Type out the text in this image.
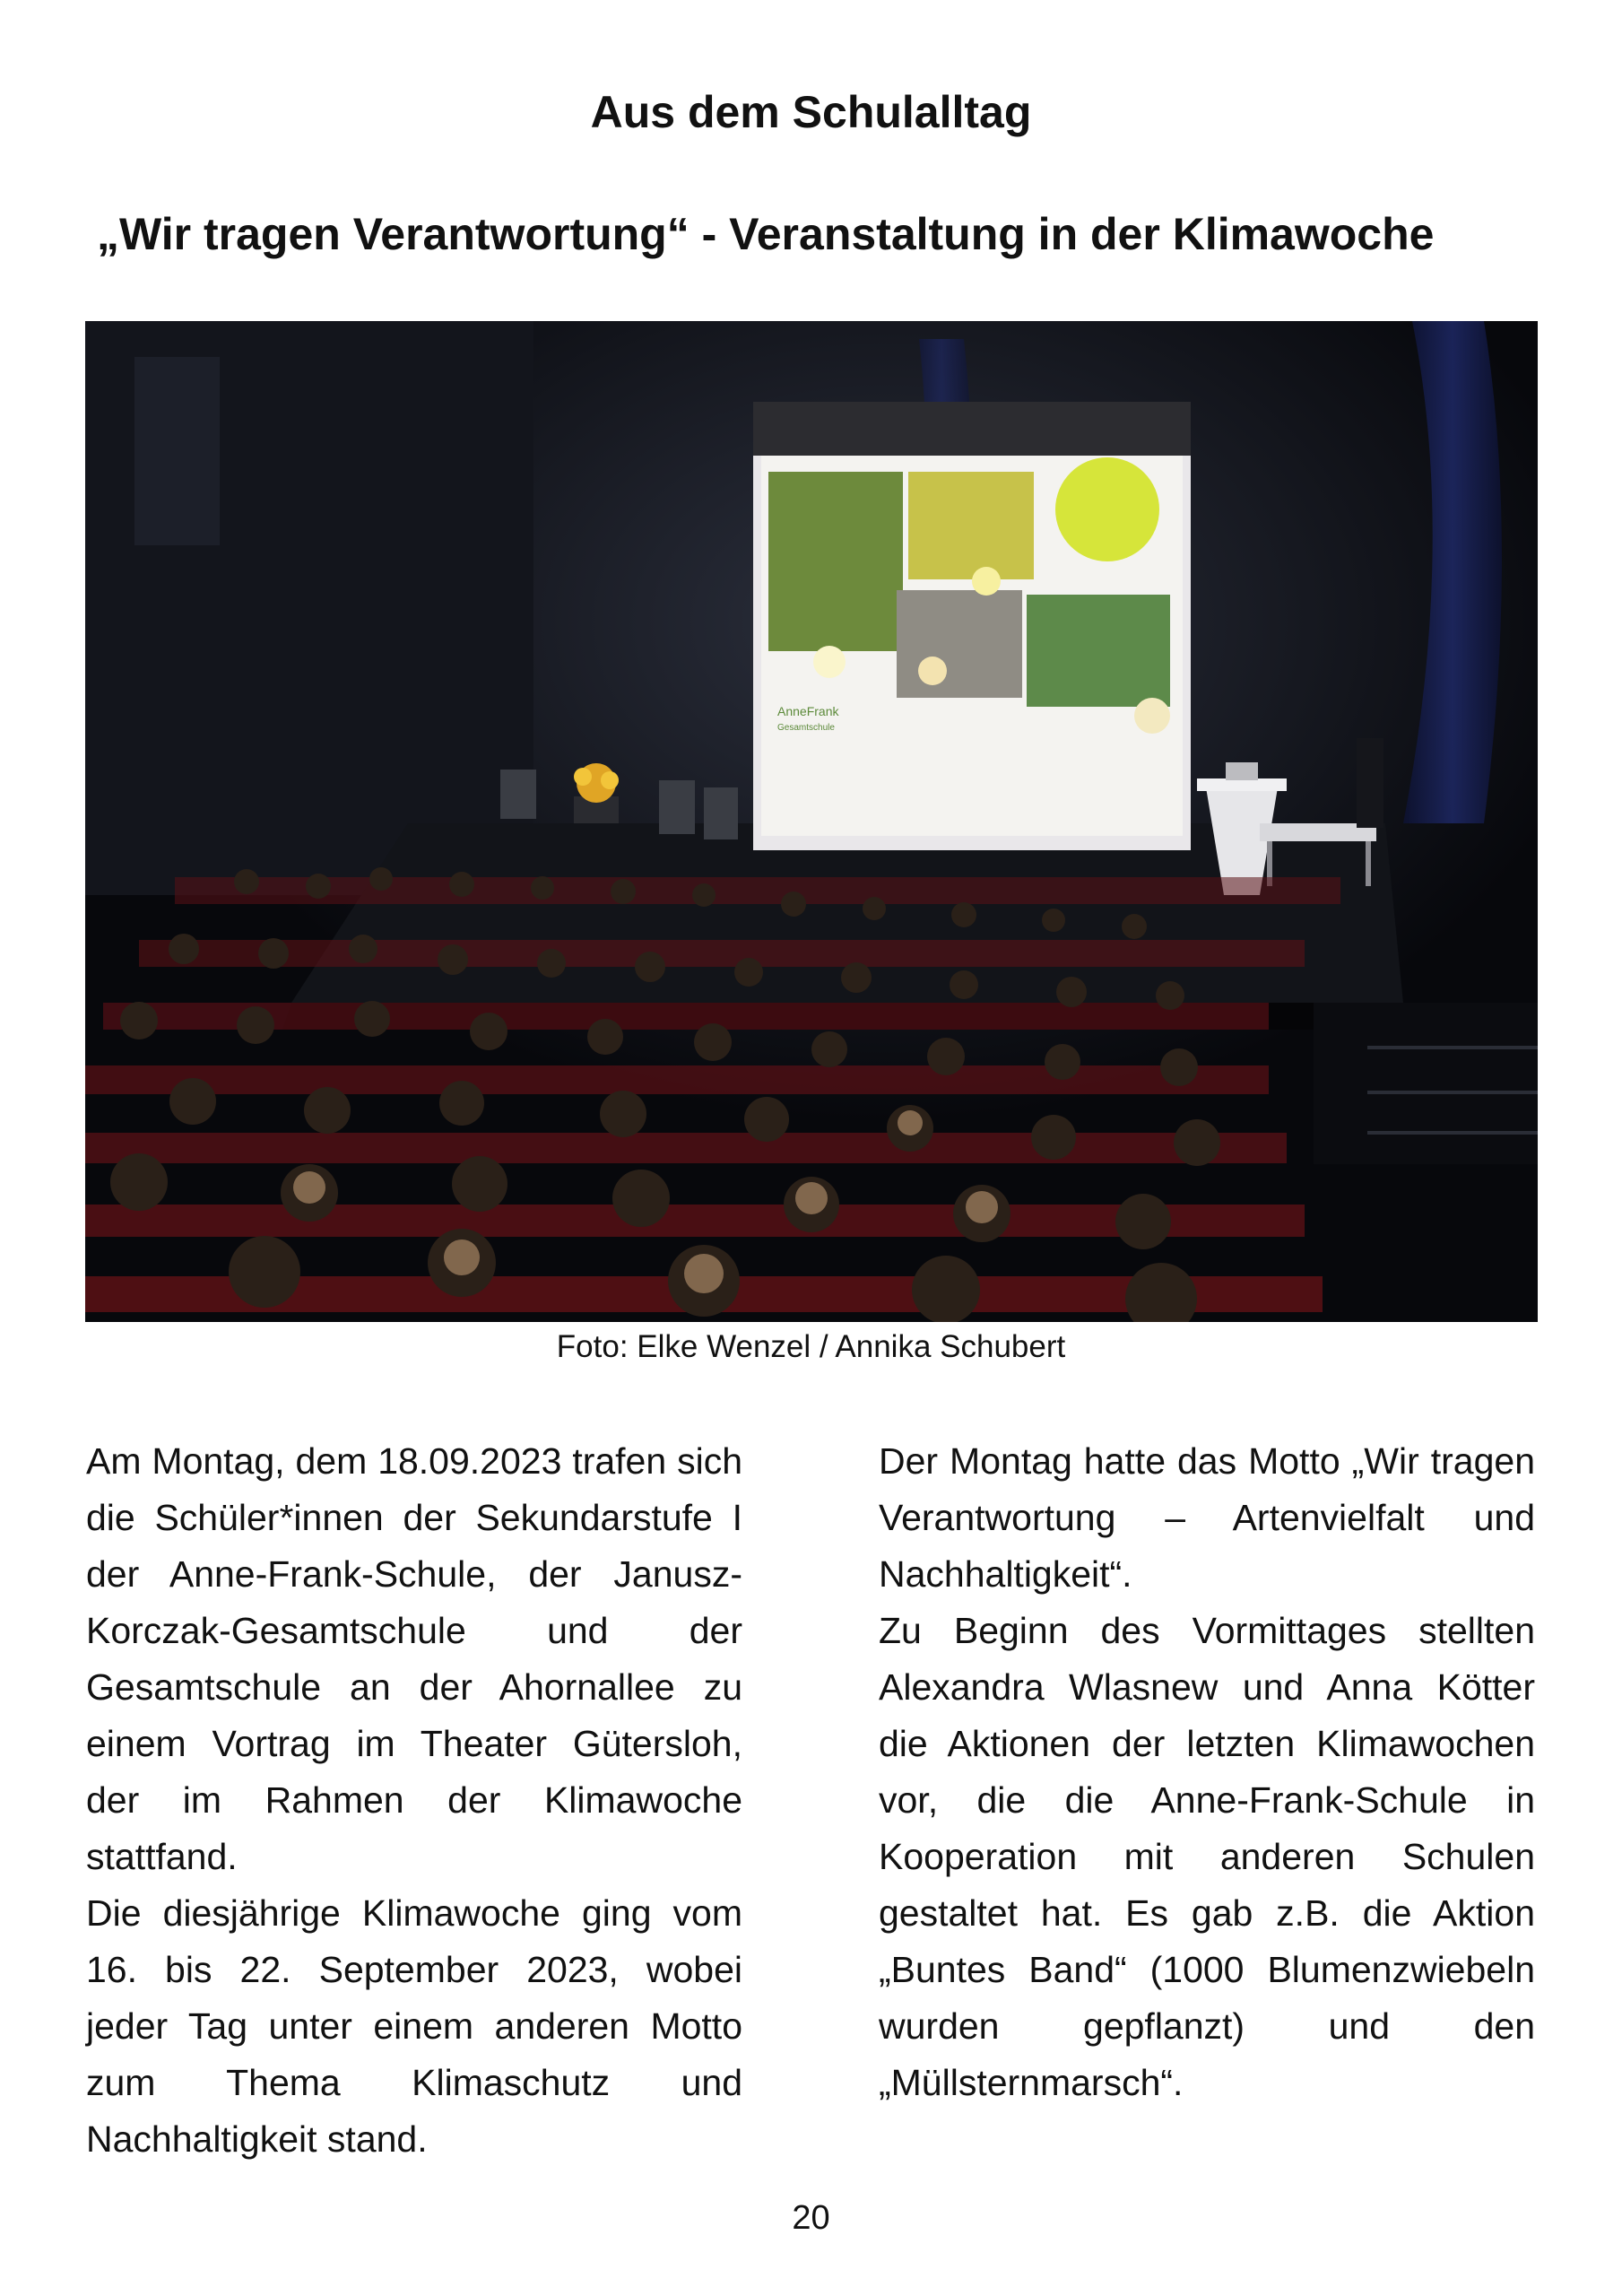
Aus dem Schulalltag
„Wir tragen Verantwortung“ - Veranstaltung in der Klimawoche
AnneFrank
Gesamtschule
Foto: Elke Wenzel / Annika Schubert

Am Montag, dem 18.09.2023 trafen sich die Schüler*innen der Sekundarstufe I der Anne-Frank-Schule, der Janusz-Korczak-Gesamtschule und der Gesamtschule an der Ahornallee zu einem Vortrag im Theater Gütersloh, der im Rahmen der Klimawoche stattfand.

Die diesjährige Klimawoche ging vom 16. bis 22. September 2023, wobei jeder Tag unter einem anderen Motto zum Thema Klimaschutz und Nachhaltigkeit stand.

Der Montag hatte das Motto „Wir tragen Verantwortung – Artenvielfalt und Nachhaltigkeit“.

Zu Beginn des Vormittages stellten Alexandra Wlasnew und Anna Kötter die Aktionen der letzten Klimawochen vor, die die Anne-Frank-Schule in Kooperation mit anderen Schulen gestaltet hat. Es gab z.B. die Aktion „Buntes Band“ (1000 Blumenzwiebeln wurden gepflanzt) und den „Müllsternmarsch“.

20
